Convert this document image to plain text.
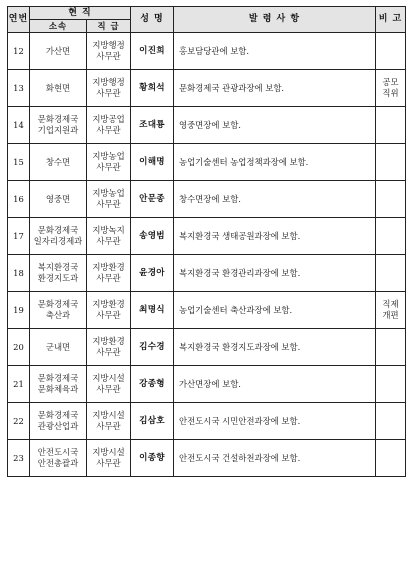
연번	현 직		성 명	발 령 사 항	비 고
	소속	직 급			
12	가산면	지방행정
사무관	이진희	홍보담당관에 보함.	
13	화현면	지방행정
사무관	황희석	문화경제국 관광과장에 보함.	공모
직위

14	문화경제국
기업지원과	지방공업
사무관	조대룡	영중면장에 보함.	
15	창수면	지방농업
사무관	이해명	농업기술센터 농업정책과장에 보함.	
16	영중면	지방농업
사무관	안문종	창수면장에 보함.	
17	문화경제국
일자리경제과	지방녹지
사무관	송영범	복지환경국 생태공원과장에 보함.	
18	복지환경국
환경지도과	지방환경
사무관	윤경아	복지환경국 환경관리과장에 보함.	
19	문화경제국
축산과	지방환경
사무관	최명식	농업기술센터 축산과장에 보함.	직제
개편

20	군내면	지방환경
사무관	김수경	복지환경국 환경지도과장에 보함.	
21	문화경제국
문화체육과	지방시설
사무관	강종형	가산면장에 보함.	
22	문화경제국
관광산업과	지방시설
사무관	김삼호	안전도시국 시민안전과장에 보함.	
23	안전도시국
안전총괄과	지방시설
사무관	이종향	안전도시국 건설하천과장에 보함.	
